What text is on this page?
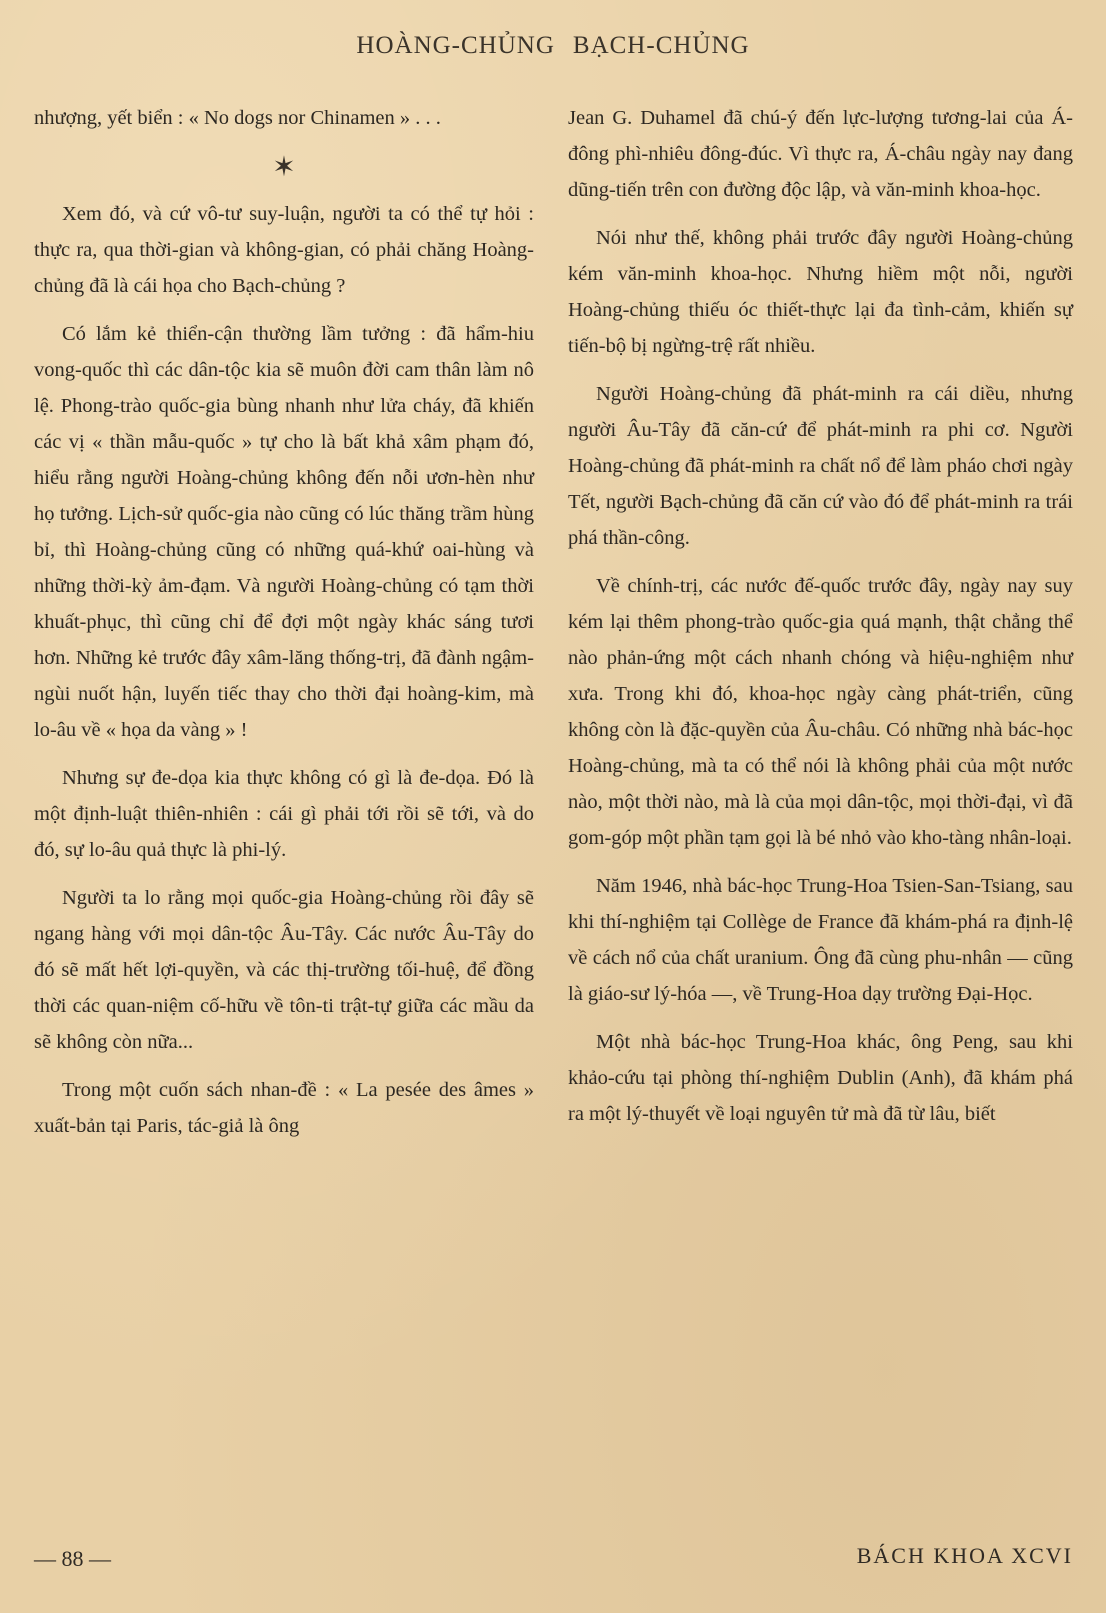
HOÀNG-CHỦNG BẠCH-CHỦNG

nhượng, yết biển : « No dogs nor Chinamen » . . .

✶

Xem đó, và cứ vô-tư suy-luận, người ta có thể tự hỏi : thực ra, qua thời-gian và không-gian, có phải chăng Hoàng-chủng đã là cái họa cho Bạch-chủng ?

Có lắm kẻ thiển-cận thường lầm tưởng : đã hẩm-hiu vong-quốc thì các dân-tộc kia sẽ muôn đời cam thân làm nô lệ. Phong-trào quốc-gia bùng nhanh như lửa cháy, đã khiến các vị « thần mẫu-quốc » tự cho là bất khả xâm phạm đó, hiểu rằng người Hoàng-chủng không đến nỗi ươn-hèn như họ tưởng. Lịch-sử quốc-gia nào cũng có lúc thăng trầm hùng bỉ, thì Hoàng-chủng cũng có những quá-khứ oai-hùng và những thời-kỳ ảm-đạm. Và người Hoàng-chủng có tạm thời khuất-phục, thì cũng chỉ để đợi một ngày khác sáng tươi hơn. Những kẻ trước đây xâm-lăng thống-trị, đã đành ngậm-ngùi nuốt hận, luyến tiếc thay cho thời đại hoàng-kim, mà lo-âu về « họa da vàng » !

Nhưng sự đe-dọa kia thực không có gì là đe-dọa. Đó là một định-luật thiên-nhiên : cái gì phải tới rồi sẽ tới, và do đó, sự lo-âu quả thực là phi-lý.

Người ta lo rằng mọi quốc-gia Hoàng-chủng rồi đây sẽ ngang hàng với mọi dân-tộc Âu-Tây. Các nước Âu-Tây do đó sẽ mất hết lợi-quyền, và các thị-trường tối-huệ, để đồng thời các quan-niệm cố-hữu về tôn-ti trật-tự giữa các mầu da sẽ không còn nữa...

Trong một cuốn sách nhan-đề : « La pesée des âmes » xuất-bản tại Paris, tác-giả là ông

Jean G. Duhamel đã chú-ý đến lực-lượng tương-lai của Á-đông phì-nhiêu đông-đúc. Vì thực ra, Á-châu ngày nay đang dũng-tiến trên con đường độc lập, và văn-minh khoa-học.

Nói như thế, không phải trước đây người Hoàng-chủng kém văn-minh khoa-học. Nhưng hiềm một nỗi, người Hoàng-chủng thiếu óc thiết-thực lại đa tình-cảm, khiến sự tiến-bộ bị ngừng-trệ rất nhiều.

Người Hoàng-chủng đã phát-minh ra cái diều, nhưng người Âu-Tây đã căn-cứ để phát-minh ra phi cơ. Người Hoàng-chủng đã phát-minh ra chất nổ để làm pháo chơi ngày Tết, người Bạch-chủng đã căn cứ vào đó để phát-minh ra trái phá thần-công.

Về chính-trị, các nước đế-quốc trước đây, ngày nay suy kém lại thêm phong-trào quốc-gia quá mạnh, thật chẳng thể nào phản-ứng một cách nhanh chóng và hiệu-nghiệm như xưa. Trong khi đó, khoa-học ngày càng phát-triển, cũng không còn là đặc-quyền của Âu-châu. Có những nhà bác-học Hoàng-chủng, mà ta có thể nói là không phải của một nước nào, một thời nào, mà là của mọi dân-tộc, mọi thời-đại, vì đã gom-góp một phần tạm gọi là bé nhỏ vào kho-tàng nhân-loại.

Năm 1946, nhà bác-học Trung-Hoa Tsien-San-Tsiang, sau khi thí-nghiệm tại Collège de France đã khám-phá ra định-lệ về cách nổ của chất uranium. Ông đã cùng phu-nhân — cũng là giáo-sư lý-hóa —, về Trung-Hoa dạy trường Đại-Học.

Một nhà bác-học Trung-Hoa khác, ông Peng, sau khi khảo-cứu tại phòng thí-nghiệm Dublin (Anh), đã khám phá ra một lý-thuyết về loại nguyên tử mà đã từ lâu, biết

— 88 —	BÁCH KHOA XCVI
